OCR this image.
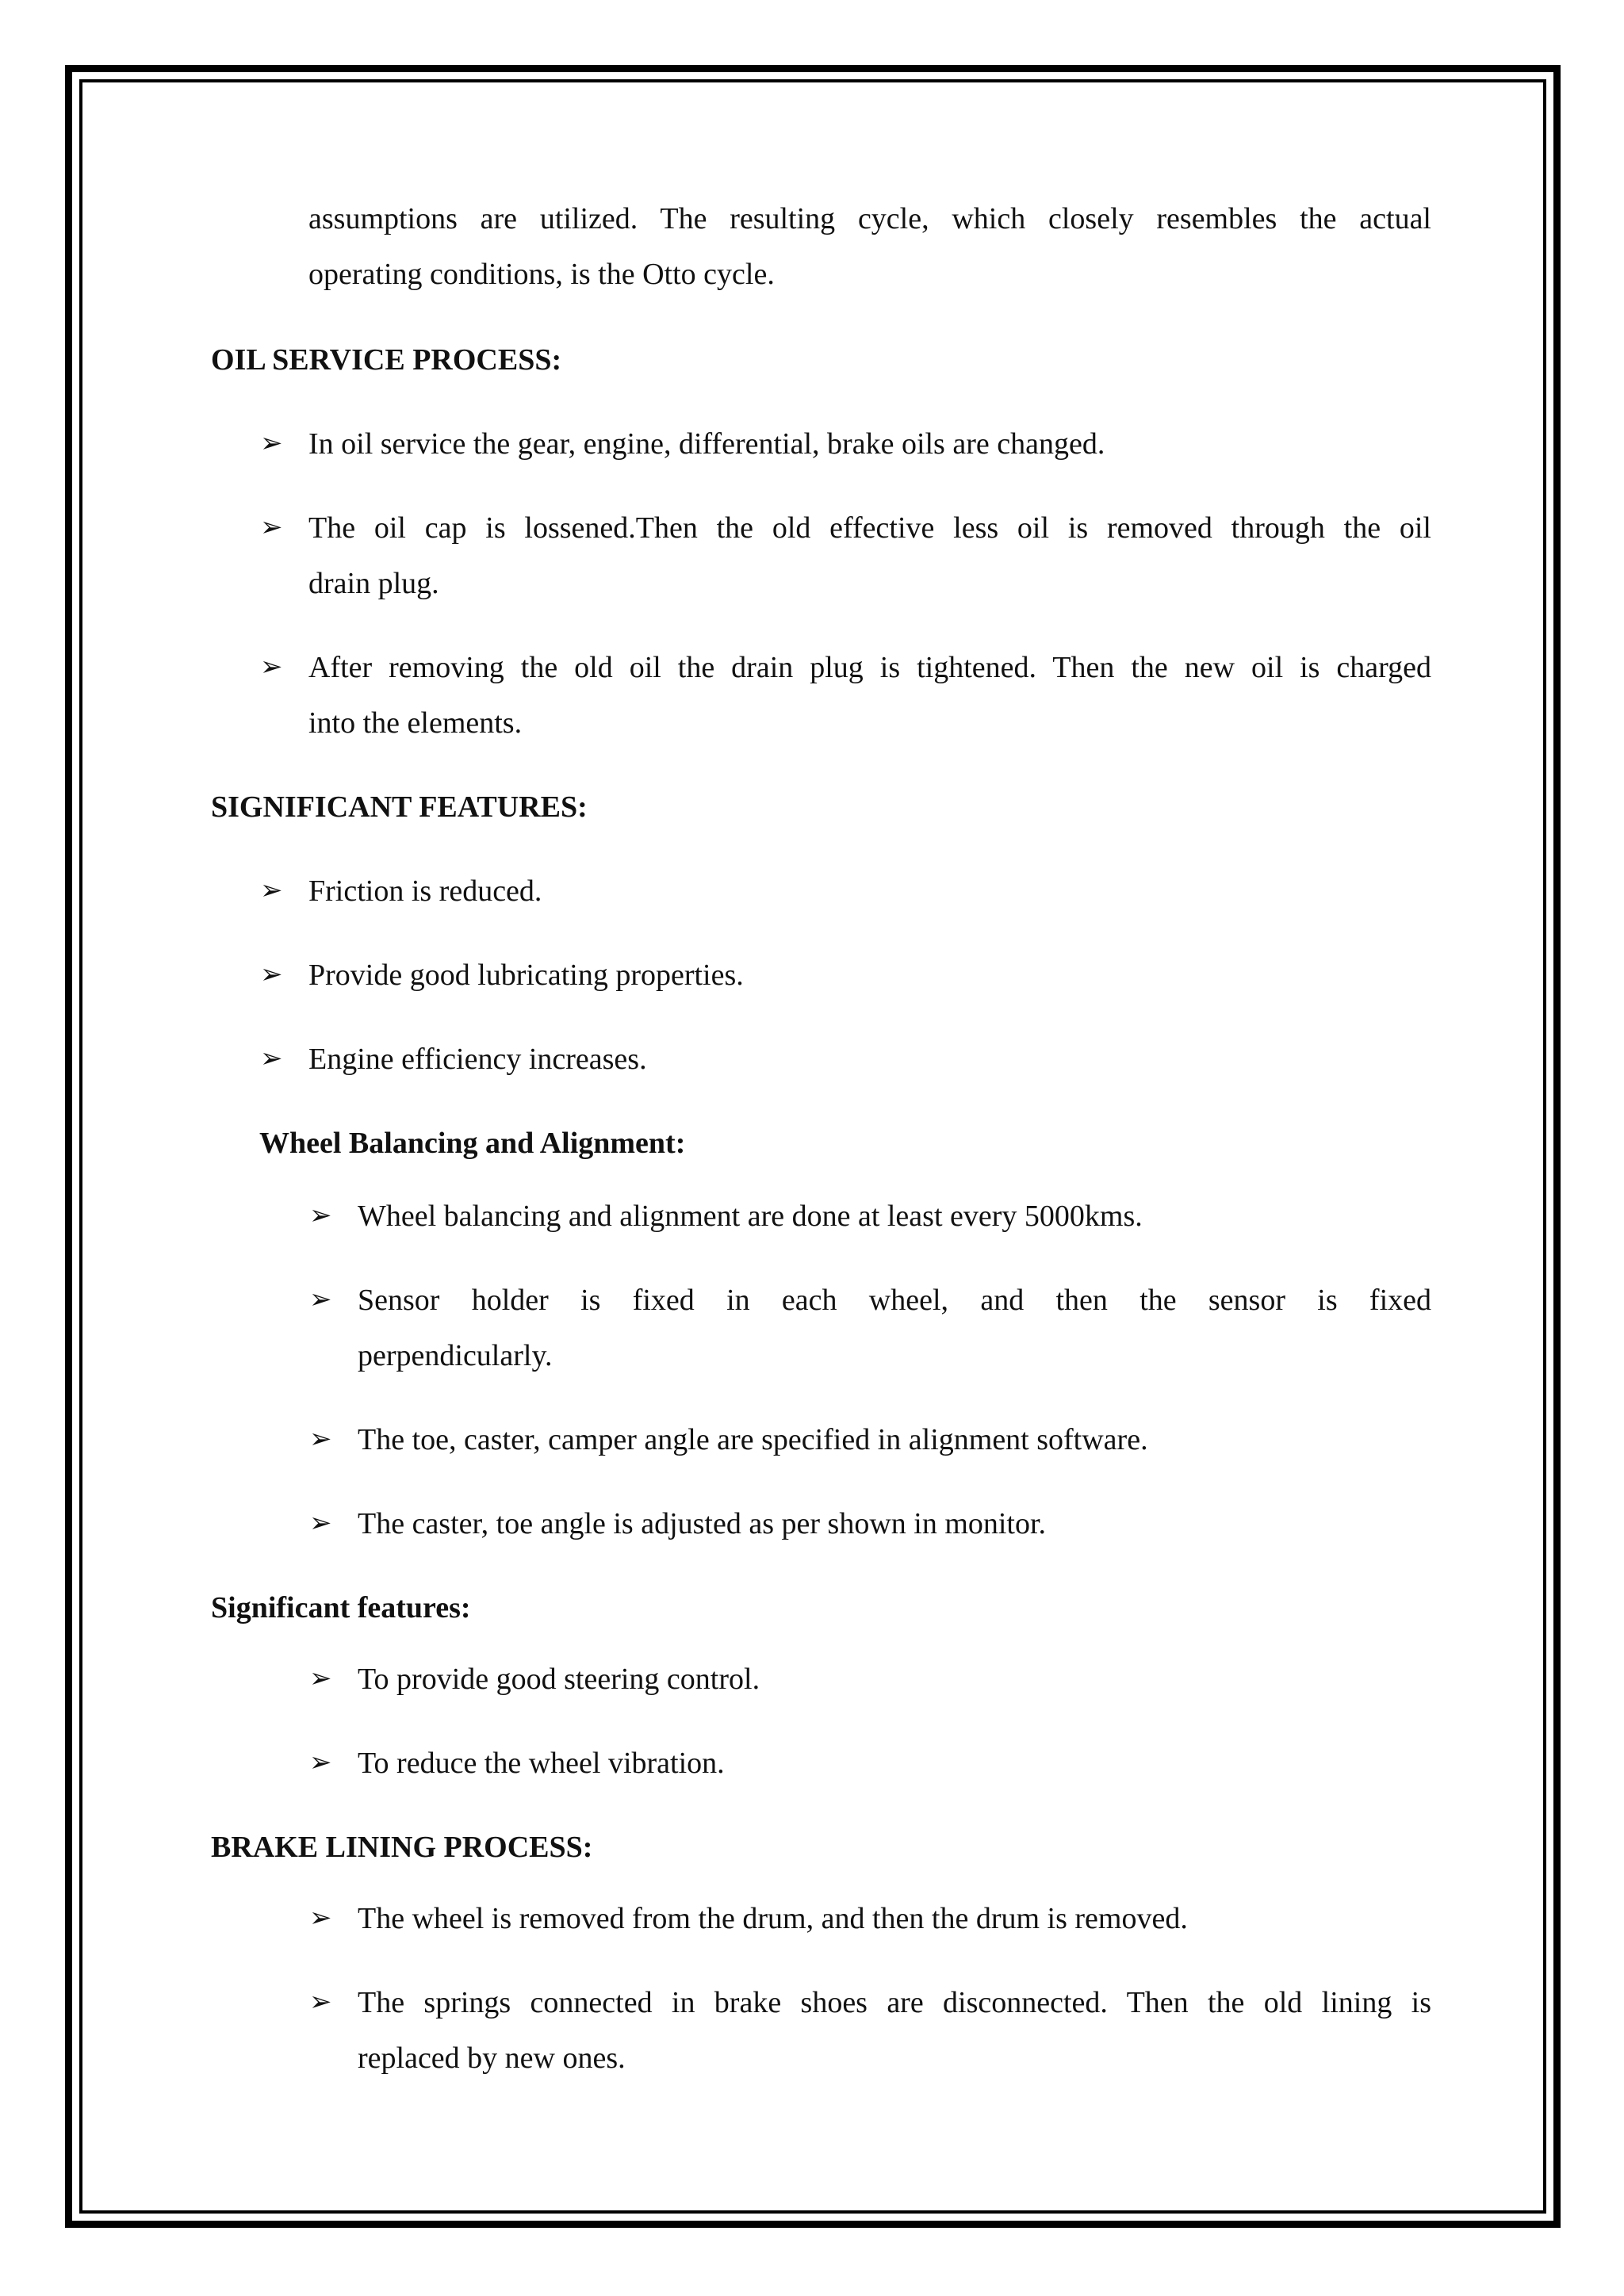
assumptions are utilized. The resulting cycle, which closely resembles the actual
operating conditions, is the Otto cycle.
OIL SERVICE PROCESS:
➢ In oil service the gear, engine, differential, brake oils are changed.
➢ The oil cap is lossened.Then the old effective less oil is removed through the oil
drain plug.
➢ After removing the old oil the drain plug is tightened. Then the new oil is charged
into the elements.
SIGNIFICANT FEATURES:
➢ Friction is reduced.
➢ Provide good lubricating properties.
➢ Engine efficiency increases.
Wheel Balancing and Alignment:
➢ Wheel balancing and alignment are done at least every 5000kms.
➢ Sensor holder is fixed in each wheel, and then the sensor is fixed
perpendicularly.
➢ The toe, caster, camper angle are specified in alignment software.
➢ The caster, toe angle is adjusted as per shown in monitor.
Significant features:
➢ To provide good steering control.
➢ To reduce the wheel vibration.
BRAKE LINING PROCESS:
➢ The wheel is removed from the drum, and then the drum is removed.
➢ The springs connected in brake shoes are disconnected. Then the old lining is
replaced by new ones.
